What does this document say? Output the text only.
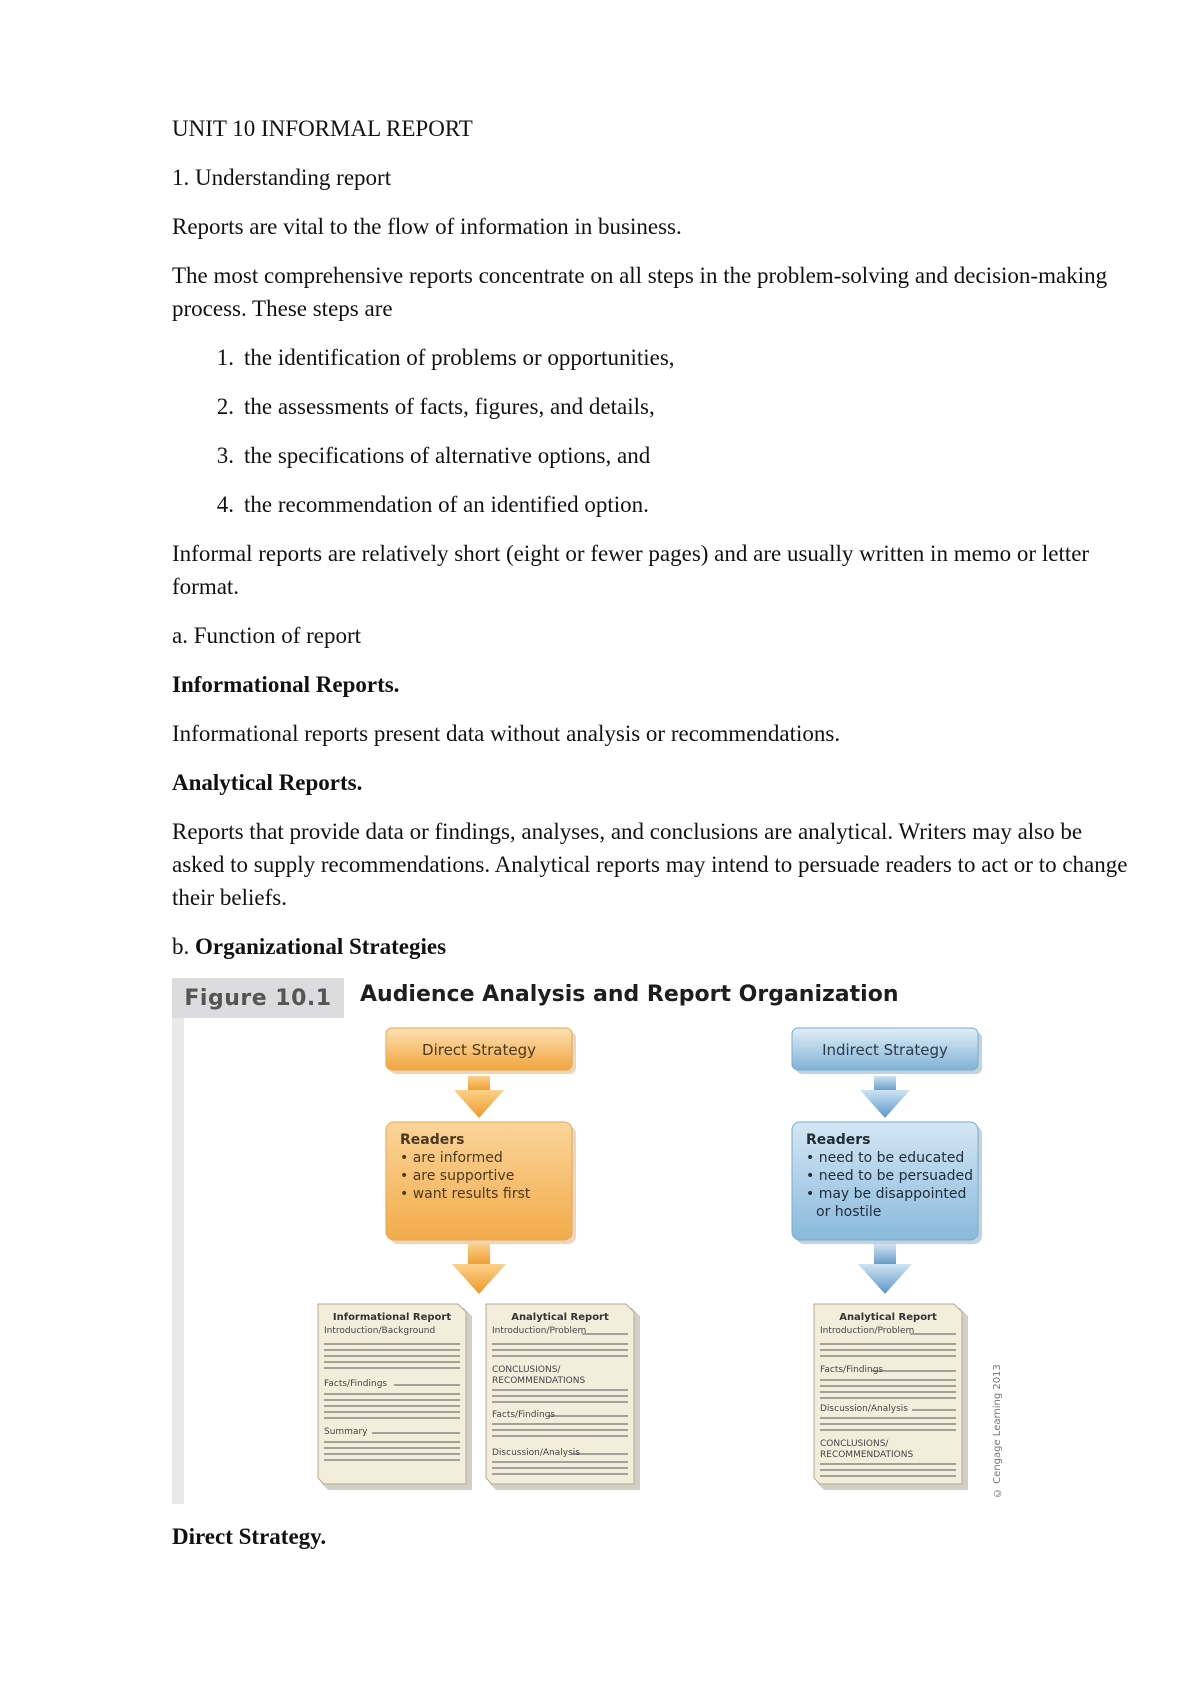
UNIT 10 INFORMAL REPORT

1. Understanding report

Reports are vital to the flow of information in business.

The most comprehensive reports concentrate on all steps in the problem-solving and decision-making process. These steps are

1. the identification of problems or opportunities,
2. the assessments of facts, figures, and details,
3. the specifications of alternative options, and
4. the recommendation of an identified option.

Informal reports are relatively short (eight or fewer pages) and are usually written in memo or letter format.

a. Function of report

Informational Reports.

Informational reports present data without analysis or recommendations.

Analytical Reports.

Reports that provide data or findings, analyses, and conclusions are analytical. Writers may also be asked to supply recommendations. Analytical reports may intend to persuade readers to act or to change their beliefs.

b. Organizational Strategies

Figure 10.1	Audience Analysis and Report Organization
Direct Strategy	Indirect Strategy
Readers
• are informed
• are supportive
• want results first
Readers
• need to be educated
• need to be persuaded
• may be disappointed
or hostile
Informational Report
Introduction/Background
Facts/Findings
Summary
Analytical Report
Introduction/Problem
CONCLUSIONS/
RECOMMENDATIONS
Facts/Findings
Discussion/Analysis
Analytical Report
Introduction/Problem
Facts/Findings
Discussion/Analysis
CONCLUSIONS/
RECOMMENDATIONS	© Cengage Learning 2013

Direct Strategy.
